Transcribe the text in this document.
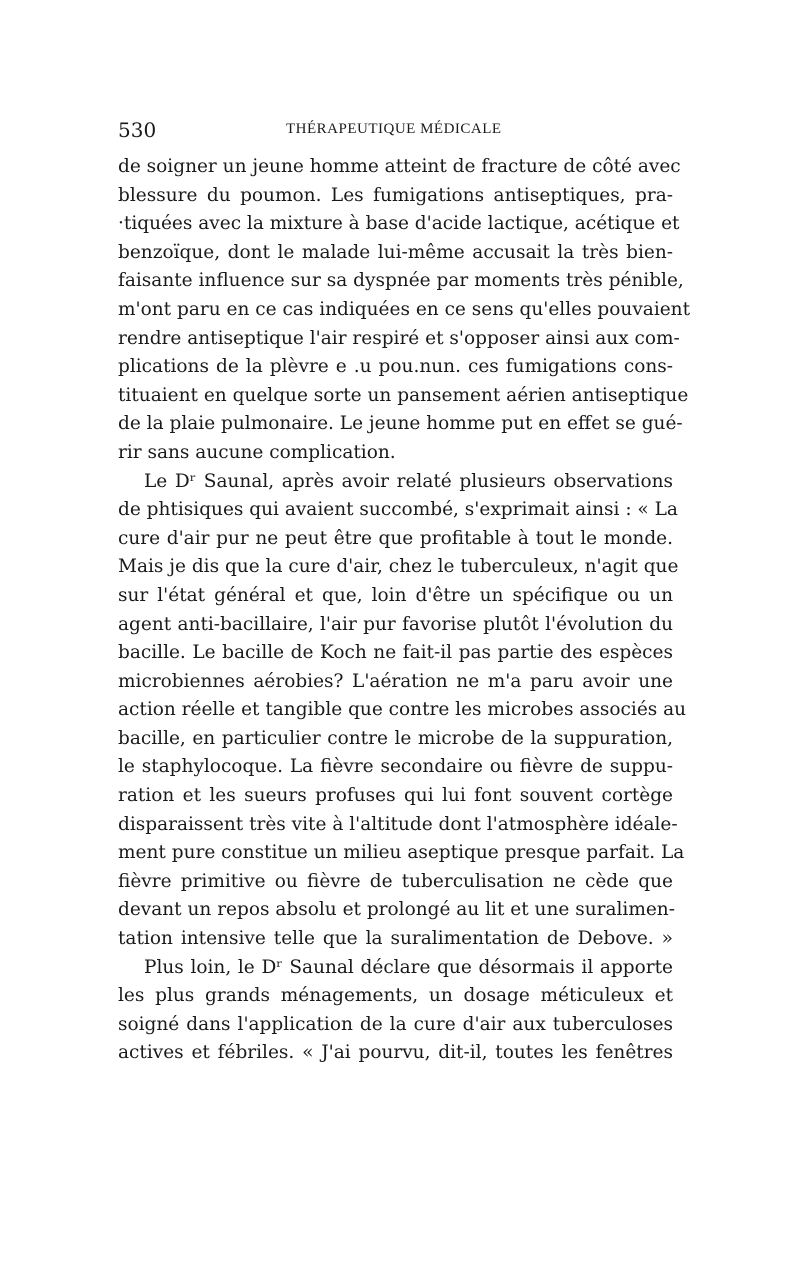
530	THÉRAPEUTIQUE MÉDICALE
de soigner un jeune homme atteint de fracture de côté avec
blessure du poumon. Les fumigations antiseptiques, pra-
·tiquées avec la mixture à base d'acide lactique, acétique et
benzoïque, dont le malade lui-même accusait la très bien-
faisante influence sur sa dyspnée par moments très pénible,
m'ont paru en ce cas indiquées en ce sens qu'elles pouvaient
rendre antiseptique l'air respiré et s'opposer ainsi aux com-
plications de la plèvre e .u pou.nun. ces fumigations cons-
tituaient en quelque sorte un pansement aérien antiseptique
de la plaie pulmonaire. Le jeune homme put en effet se gué-
rir sans aucune complication.
Le Dʳ Saunal, après avoir relaté plusieurs observations
de phtisiques qui avaient succombé, s'exprimait ainsi : « La
cure d'air pur ne peut être que profitable à tout le monde.
Mais je dis que la cure d'air, chez le tuberculeux, n'agit que
sur l'état général et que, loin d'être un spécifique ou un
agent anti-bacillaire, l'air pur favorise plutôt l'évolution du
bacille. Le bacille de Koch ne fait-il pas partie des espèces
microbiennes aérobies? L'aération ne m'a paru avoir une
action réelle et tangible que contre les microbes associés au
bacille, en particulier contre le microbe de la suppuration,
le staphylocoque. La fièvre secondaire ou fièvre de suppu-
ration et les sueurs profuses qui lui font souvent cortège
disparaissent très vite à l'altitude dont l'atmosphère idéale-
ment pure constitue un milieu aseptique presque parfait. La
fièvre primitive ou fièvre de tuberculisation ne cède que
devant un repos absolu et prolongé au lit et une suralimen-
tation intensive telle que la suralimentation de Debove. »
Plus loin, le Dʳ Saunal déclare que désormais il apporte
les plus grands ménagements, un dosage méticuleux et
soigné dans l'application de la cure d'air aux tuberculoses
actives et fébriles. « J'ai pourvu, dit-il, toutes les fenêtres
